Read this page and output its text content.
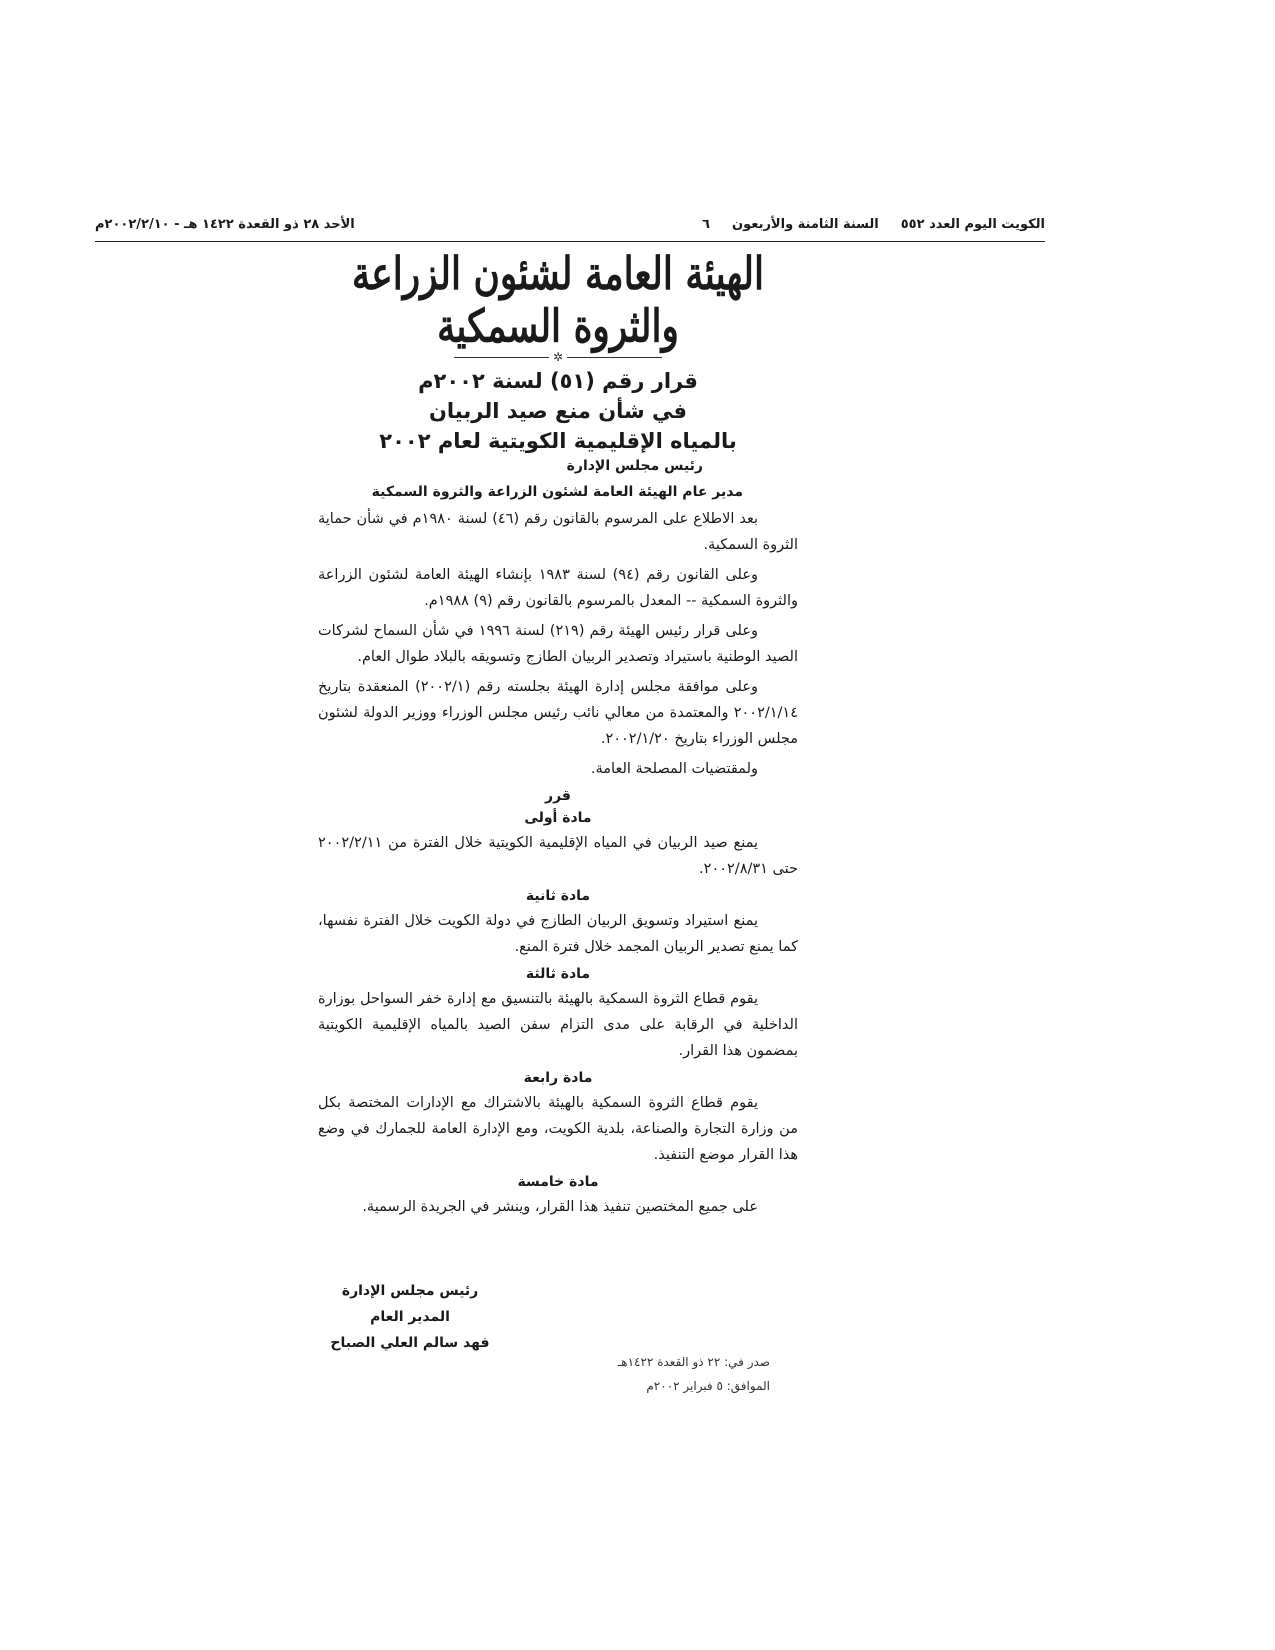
الكويت اليوم العدد ٥٥٢السنة الثامنة والأربعون٦
الأحد ٢٨ ذو القعدة ١٤٢٢ هـ - ٢٠٠٢/٢/١٠م
الهيئة العامة لشئون الزراعة والثروة السمكية
✲

قرار رقم (٥١) لسنة ٢٠٠٢م

في شأن منع صيد الربيان

بالمياه الإقليمية الكويتية لعام ٢٠٠٢

رئيس مجلس الإدارة

مدير عام الهيئة العامة لشئون الزراعة والثروة السمكية

بعد الاطلاع على المرسوم بالقانون رقم (٤٦) لسنة ١٩٨٠م في شأن حماية الثروة السمكية.

وعلى القانون رقم (٩٤) لسنة ١٩٨٣ بإنشاء الهيئة العامة لشئون الزراعة والثروة السمكية -- المعدل بالمرسوم بالقانون رقم (٩) ١٩٨٨م.

وعلى قرار رئيس الهيئة رقم (٢١٩) لسنة ١٩٩٦ في شأن السماح لشركات الصيد الوطنية باستيراد وتصدير الربيان الطازج وتسويقه بالبلاد طوال العام.

وعلى موافقة مجلس إدارة الهيئة بجلسته رقم (٢٠٠٢/١) المنعقدة بتاريخ ٢٠٠٢/١/١٤ والمعتمدة من معالي نائب رئيس مجلس الوزراء ووزير الدولة لشئون مجلس الوزراء بتاريخ ٢٠٠٢/١/٢٠.

ولمقتضيات المصلحة العامة.

قرر
مادة أولى

يمنع صيد الربيان في المياه الإقليمية الكويتية خلال الفترة من ٢٠٠٢/٢/١١ حتى ٢٠٠٢/٨/٣١.

مادة ثانية

يمنع استيراد وتسويق الربيان الطازج في دولة الكويت خلال الفترة نفسها، كما يمنع تصدير الربيان المجمد خلال فترة المنع.

مادة ثالثة

يقوم قطاع الثروة السمكية بالهيئة بالتنسيق مع إدارة خفر السواحل بوزارة الداخلية في الرقابة على مدى التزام سفن الصيد بالمياه الإقليمية الكويتية بمضمون هذا القرار.

مادة رابعة

يقوم قطاع الثروة السمكية بالهيئة بالاشتراك مع الإدارات المختصة بكل من وزارة التجارة والصناعة، بلدية الكويت، ومع الإدارة العامة للجمارك في وضع هذا القرار موضع التنفيذ.

مادة خامسة

على جميع المختصين تنفيذ هذا القرار، وينشر في الجريدة الرسمية.

رئيس مجلس الإدارة
المدير العام
فهد سالم العلي الصباح
صدر في: ٢٢ ذو القعدة ١٤٢٢هـ
الموافق: ٥ فبراير ٢٠٠٢م
